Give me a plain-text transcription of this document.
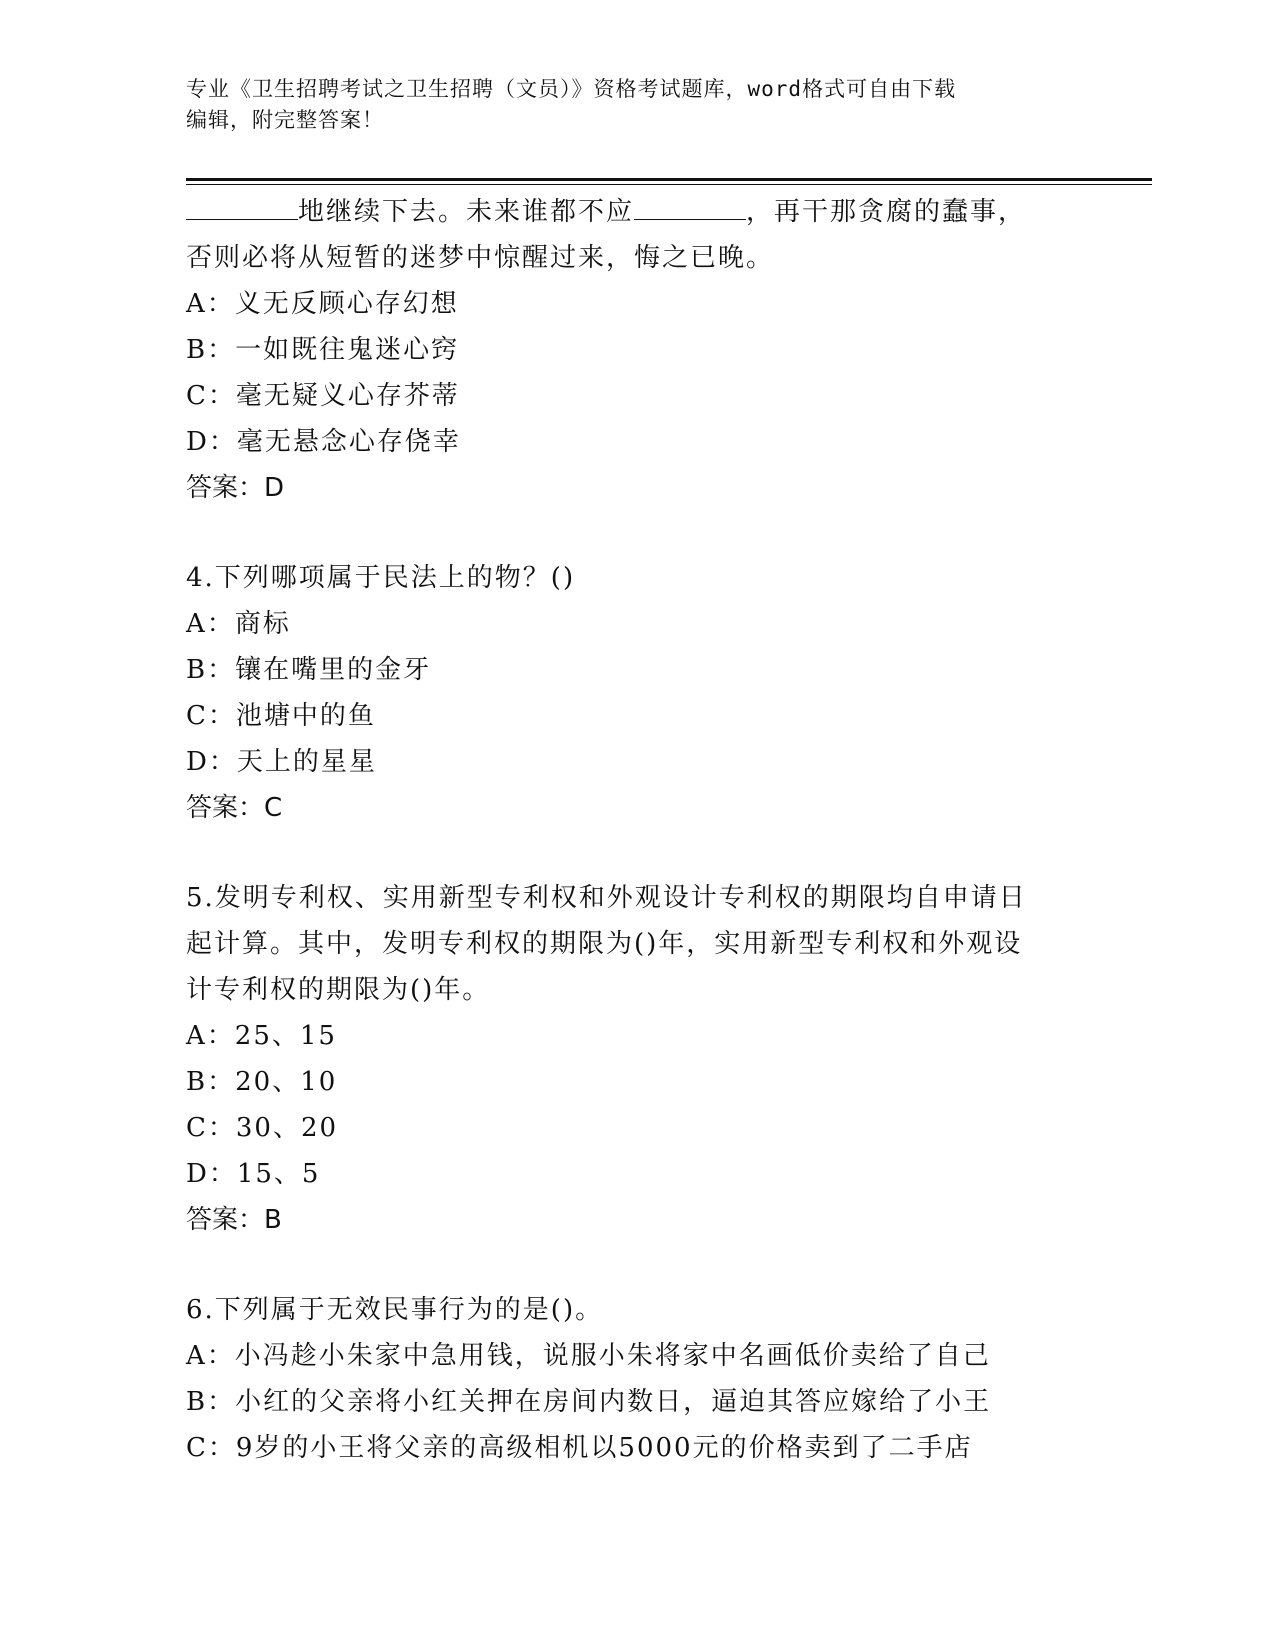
专业《卫生招聘考试之卫生招聘（文员）》资格考试题库，word格式可自由下载
编辑，附完整答案！
地继续下去。未来谁都不应	，再干那贪腐的蠢事，
否则必将从短暂的迷梦中惊醒过来，悔之已晚。
A：义无反顾心存幻想
B：一如既往鬼迷心窍
C：毫无疑义心存芥蒂
D：毫无悬念心存侥幸
答案：D
4.下列哪项属于民法上的物？()
A：商标
B：镶在嘴里的金牙
C：池塘中的鱼
D：天上的星星
答案：C
5.发明专利权、实用新型专利权和外观设计专利权的期限均自申请日
起计算。其中，发明专利权的期限为()年，实用新型专利权和外观设
计专利权的期限为()年。
A：25、15
B：20、10
C：30、20
D：15、5
答案：B
6.下列属于无效民事行为的是()。
A：小冯趁小朱家中急用钱，说服小朱将家中名画低价卖给了自己
B：小红的父亲将小红关押在房间内数日，逼迫其答应嫁给了小王
C：9岁的小王将父亲的高级相机以5000元的价格卖到了二手店
